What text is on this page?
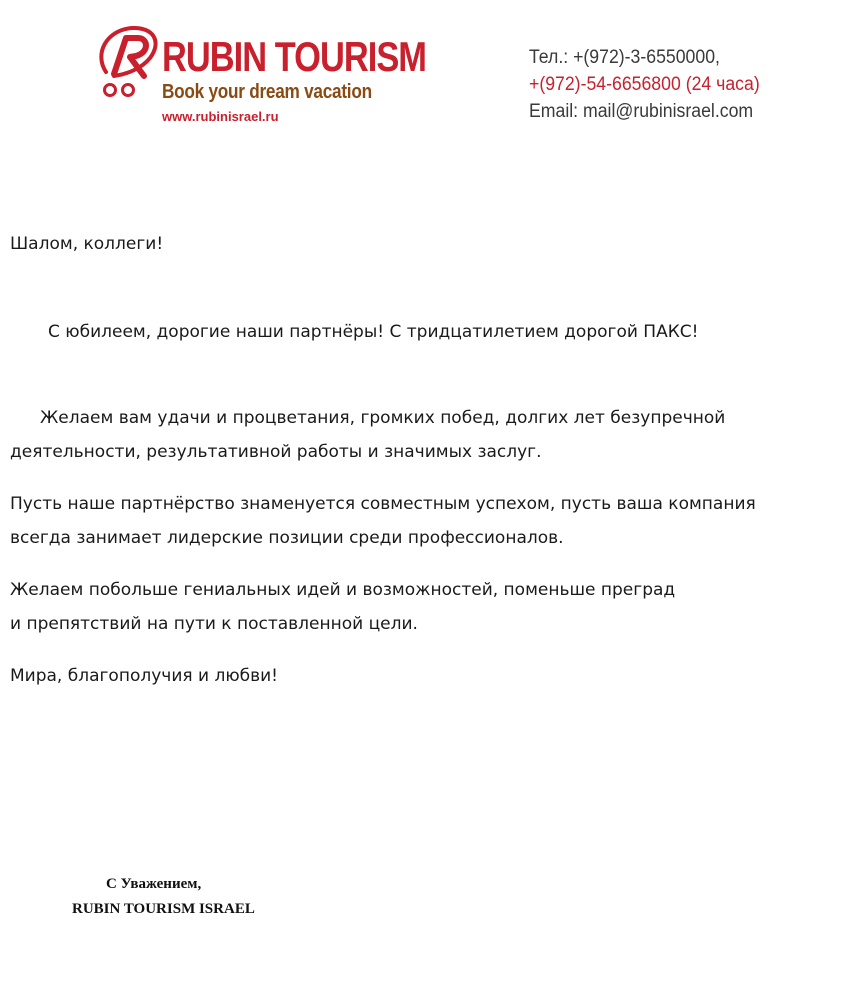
RUBIN TOURISM
Book your dream vacation
www.rubinisrael.ru
Тел.: +(972)-3-6550000,
+(972)-54-6656800 (24 часа)
Email: mail@rubinisrael.com

Шалом, коллеги!

С юбилеем, дорогие наши партнёры! С тридцатилетием дорогой ПАКС!

Желаем вам удачи и процветания, громких побед, долгих лет безупречной
деятельности, результативной работы и значимых заслуг.

Пусть наше партнёрство знаменуется совместным успехом, пусть ваша компания
всегда занимает лидерские позиции среди профессионалов.

Желаем побольше гениальных идей и возможностей, поменьше преград
и препятствий на пути к поставленной цели.

Мира, благополучия и любви!

С Уважением,
RUBIN TOURISM ISRAEL
